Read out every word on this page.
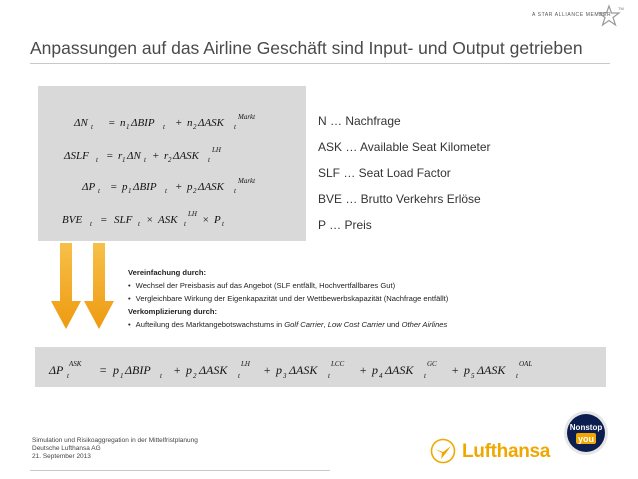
A STAR ALLIANCE MEMBER
TM
Anpassungen auf das Airline Geschäft sind Input- und Output getrieben
ΔN t = n 1 ΔBIP t + n 2 ΔASK t
Markt
ΔSLF t = r 1 ΔN t + r 2 ΔASK t
LH
ΔP t = p 1 ΔBIP t + p 2 ΔASK t
Markt
BVE t = SLF t × ASK t
LH × P t
N … Nachfrage
ASK … Available Seat Kilometer
SLF … Seat Load Factor
BVE … Brutto Verkehrs Erlöse
P … Preis
Vereinfachung durch:
• Wechsel der Preisbasis auf das Angebot (SLF entfällt, Hochvertfallbares Gut)
• Vergleichbare Wirkung der Eigenkapazität und der Wettbewerbskapazität (Nachfrage entfällt)
Verkomplizierung durch:
• Aufteilung des Marktangebotswachstums in Golf Carrier, Low Cost Carrier und Other Airlines
ΔP t
ASK = p 1 ΔBIP t + p 2 ΔASK t
LH + p 3 ΔASK t
LCC + p 4 ΔASK t
GC + p 5 ΔASK t
OAL
Simulation und Risikoaggregation in der Mittelfristplanung
Deutsche Lufthansa AG
21. September 2013	Lufthansa
Nonstop
you
